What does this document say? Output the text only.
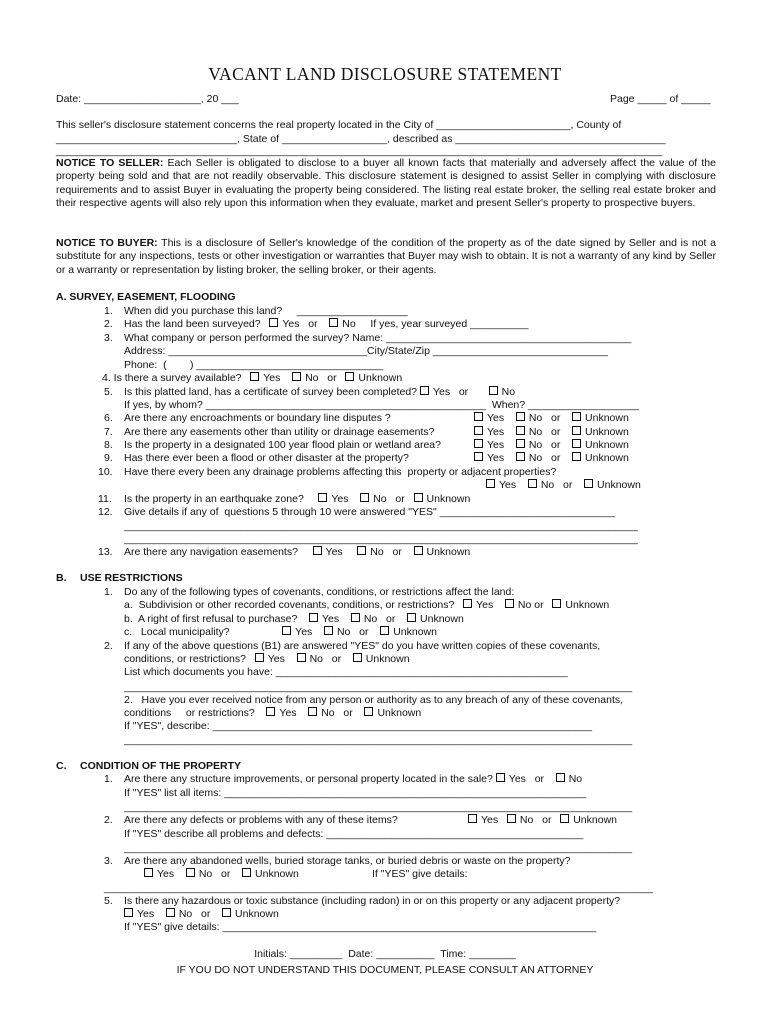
VACANT LAND DISCLOSURE STATEMENT
Date: ____________________, 20 ___	Page _____ of _____
This seller's disclosure statement concerns the real property located in the City of _______________________, County of
_______________________________, State of __________________, described as ____________________________________
_____________________________________________________________________________________________________________
NOTICE TO SELLER: Each Seller is obligated to disclose to a buyer all known facts that materially and adversely affect the value of the property being sold and that are not readily observable. This disclosure statement is designed to assist Seller in complying with disclosure requirements and to assist Buyer in evaluating the property being considered. The listing real estate broker, the selling real estate broker and their respective agents will also rely upon this information when they evaluate, market and present Seller's property to prospective buyers.
NOTICE TO BUYER: This is a disclosure of Seller's knowledge of the condition of the property as of the date signed by Seller and is not a substitute for any inspections, tests or other investigation or warranties that Buyer may wish to obtain. It is not a warranty of any kind by Seller or a warranty or representation by listing broker, the selling broker, or their agents.
A. SURVEY, EASEMENT, FLOODING
1. When did you purchase this land?     ___________________
2. Has the land been surveyed? Yes or No If yes, year surveyed __________
3. What company or person performed the survey? Name: __________________________________________
Address: __________________________________City/State/Zip ______________________________
Phone:  (        ) ________________________________
4. Is there a survey available? Yes No or Unknown
5. Is this platted land, has a certificate of survey been completed? Yes or	No
If yes, by whom? ________________________________________________  When? ___________________
6. Are there any encroachments or boundary line disputes ?	Yes No or Unknown
7. Are there any easements other than utility or drainage easements?	Yes No or Unknown
8. Is the property in a designated 100 year flood plain or wetland area?	Yes No or Unknown
9. Has there ever been a flood or other disaster at the property?	Yes No or Unknown
10. Have there every been any drainage problems affecting this  property or adjacent properties?
Yes No or Unknown
11. Is the property in an earthquake zone?	Yes No or Unknown
12. Give details if any of  questions 5 through 10 were answered "YES" ______________________________
________________________________________________________________________________________
________________________________________________________________________________________
13. Are there any navigation easements?	Yes	No or Unknown
B. USE RESTRICTIONS
1. Do any of the following types of covenants, conditions, or restrictions affect the land:
a.  Subdivision or other recorded covenants, conditions, or restrictions? Yes No or Unknown
b.  A right of first refusal to purchase? Yes No or Unknown
c.   Local municipality?	Yes No or Unknown
2. If any of the above questions (B1) are answered "YES" do you have written copies of these covenants,
conditions, or restrictions? Yes No or Unknown
List which documents you have: __________________________________________________
_______________________________________________________________________________________
2.   Have you ever received notice from any person or authority as to any breach of any of these covenants,
conditions     or restrictions? Yes No or Unknown
If "YES", describe: _________________________________________________________________
_______________________________________________________________________________________
C. CONDITION OF THE PROPERTY
1. Are there any structure improvements, or personal property located in the sale? Yes or No
If "YES" list all items: ______________________________________________________________
_______________________________________________________________________________________
2. Are there any defects or problems with any of these items?	Yes No or Unknown
If "YES" describe all problems and defects: ____________________________________________
_______________________________________________________________________________________
3. Are there any abandoned wells, buried storage tanks, or buried debris or waste on the property?
Yes No or Unknown	If "YES" give details:
______________________________________________________________________________________________
5. Is there any hazardous or toxic substance (including radon) in or on this property or any adjacent property?
Yes No or Unknown
If "YES" give details: ________________________________________________________________
Initials: _________  Date: __________  Time: ________
IF YOU DO NOT UNDERSTAND THIS DOCUMENT, PLEASE CONSULT AN ATTORNEY
